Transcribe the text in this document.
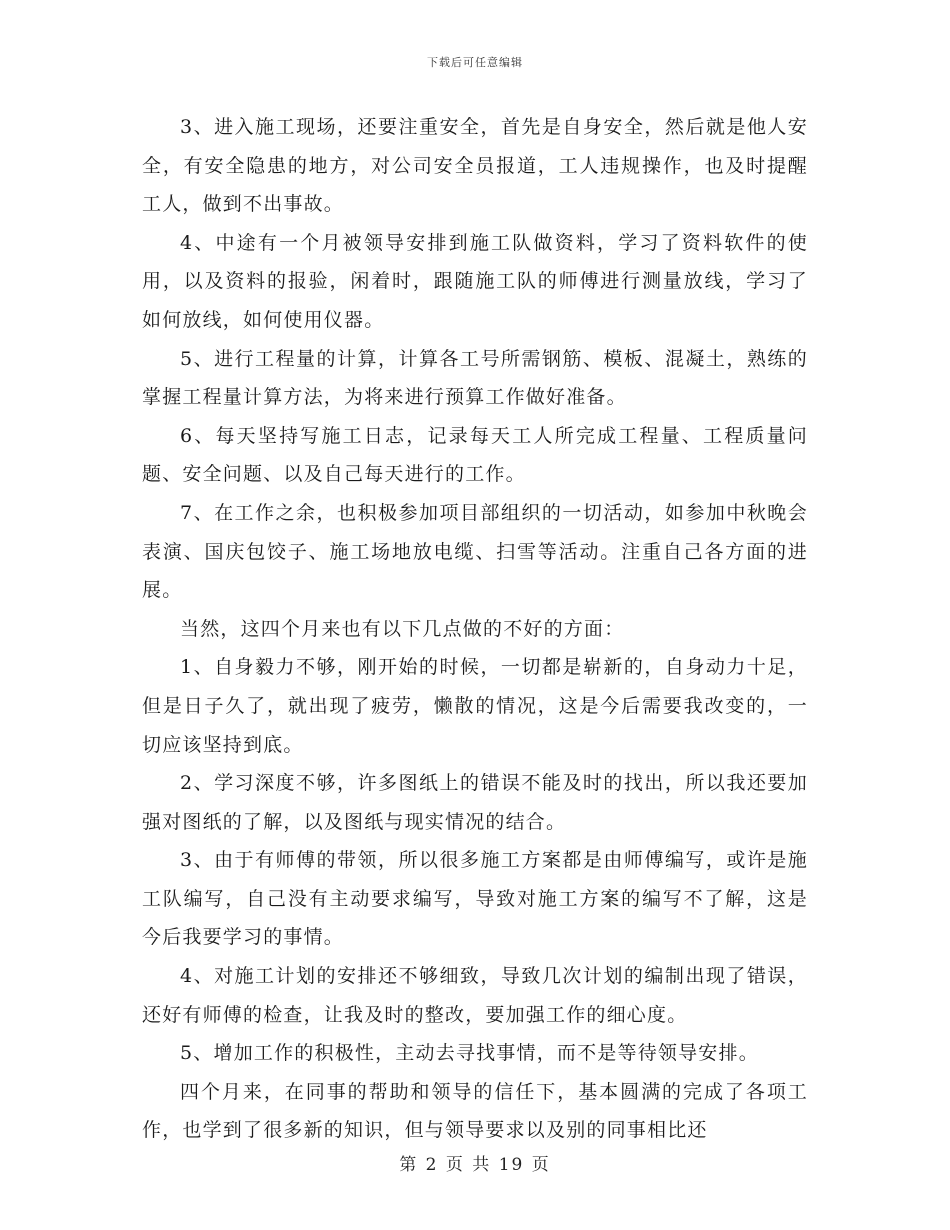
下载后可任意编辑

3、进入施工现场，还要注重安全，首先是自身安全，然后就是他人安全，有安全隐患的地方，对公司安全员报道，工人违规操作，也及时提醒工人，做到不出事故。

4、中途有一个月被领导安排到施工队做资料，学习了资料软件的使用，以及资料的报验，闲着时，跟随施工队的师傅进行测量放线，学习了如何放线，如何使用仪器。

5、进行工程量的计算，计算各工号所需钢筋、模板、混凝土，熟练的掌握工程量计算方法，为将来进行预算工作做好准备。

6、每天坚持写施工日志，记录每天工人所完成工程量、工程质量问题、安全问题、以及自己每天进行的工作。

7、在工作之余，也积极参加项目部组织的一切活动，如参加中秋晚会表演、国庆包饺子、施工场地放电缆、扫雪等活动。注重自己各方面的进展。

当然，这四个月来也有以下几点做的不好的方面：

1、自身毅力不够，刚开始的时候，一切都是崭新的，自身动力十足，但是日子久了，就出现了疲劳，懒散的情况，这是今后需要我改变的，一切应该坚持到底。

2、学习深度不够，许多图纸上的错误不能及时的找出，所以我还要加强对图纸的了解，以及图纸与现实情况的结合。

3、由于有师傅的带领，所以很多施工方案都是由师傅编写，或许是施工队编写，自己没有主动要求编写，导致对施工方案的编写不了解，这是今后我要学习的事情。

4、对施工计划的安排还不够细致，导致几次计划的编制出现了错误，还好有师傅的检查，让我及时的整改，要加强工作的细心度。

5、增加工作的积极性，主动去寻找事情，而不是等待领导安排。

四个月来，在同事的帮助和领导的信任下，基本圆满的完成了各项工作，也学到了很多新的知识，但与领导要求以及别的同事相比还

第 2 页 共 19 页
